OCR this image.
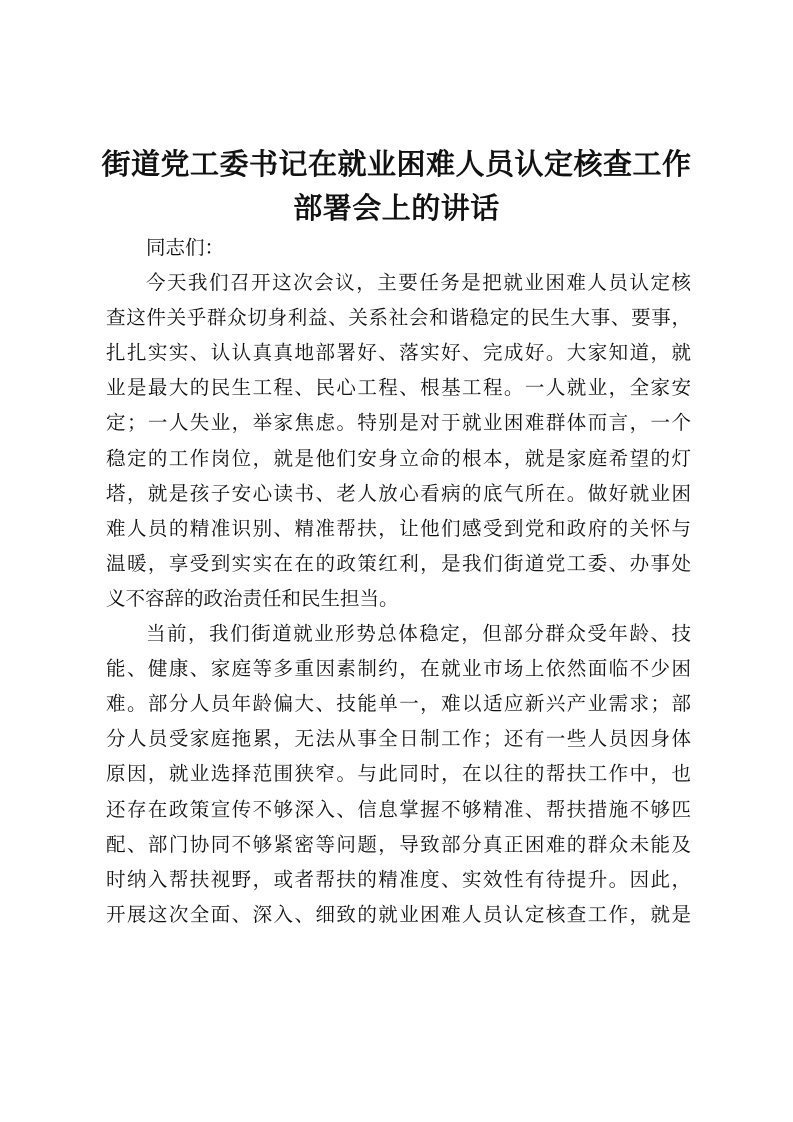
街道党工委书记在就业困难人员认定核查工作
部署会上的讲话
同志们：
今天我们召开这次会议，主要任务是把就业困难人员认定核
查这件关乎群众切身利益、关系社会和谐稳定的民生大事、要事，
扎扎实实、认认真真地部署好、落实好、完成好。大家知道，就
业是最大的民生工程、民心工程、根基工程。一人就业，全家安
定；一人失业，举家焦虑。特别是对于就业困难群体而言，一个
稳定的工作岗位，就是他们安身立命的根本，就是家庭希望的灯
塔，就是孩子安心读书、老人放心看病的底气所在。做好就业困
难人员的精准识别、精准帮扶，让他们感受到党和政府的关怀与
温暖，享受到实实在在的政策红利，是我们街道党工委、办事处
义不容辞的政治责任和民生担当。
当前，我们街道就业形势总体稳定，但部分群众受年龄、技
能、健康、家庭等多重因素制约，在就业市场上依然面临不少困
难。部分人员年龄偏大、技能单一，难以适应新兴产业需求；部
分人员受家庭拖累，无法从事全日制工作；还有一些人员因身体
原因，就业选择范围狭窄。与此同时，在以往的帮扶工作中，也
还存在政策宣传不够深入、信息掌握不够精准、帮扶措施不够匹
配、部门协同不够紧密等问题，导致部分真正困难的群众未能及
时纳入帮扶视野，或者帮扶的精准度、实效性有待提升。因此，
开展这次全面、深入、细致的就业困难人员认定核查工作，就是
